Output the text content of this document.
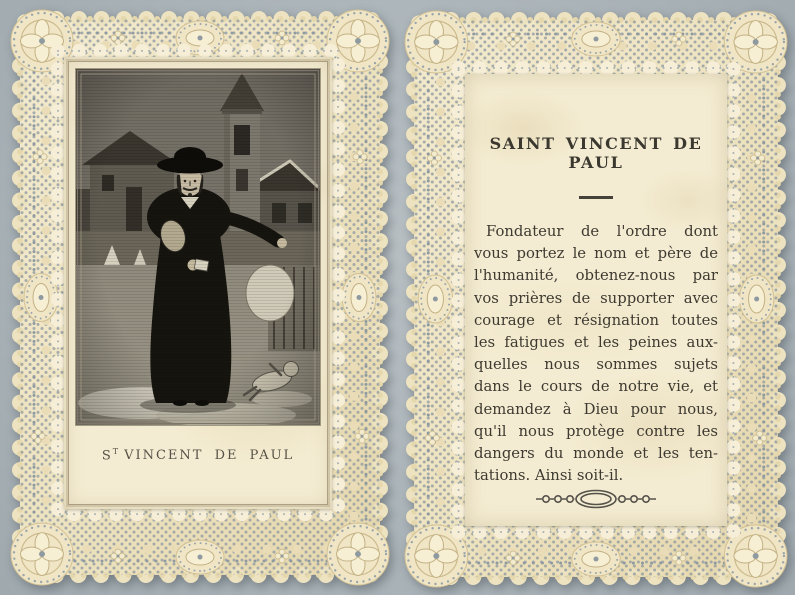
$S^T$ VINCENT DE PAUL
SAINT VINCENT DE PAUL
Fondateur de l'ordre dont
vous portez le nom et père de
l'humanité, obtenez-nous par
vos prières de supporter avec
courage et résignation toutes
les fatigues et les peines aux-
quelles nous sommes sujets
dans le cours de notre vie, et
demandez à Dieu pour nous,
qu'il nous protège contre les
dangers du monde et les ten-
tations. Ainsi soit-il.
